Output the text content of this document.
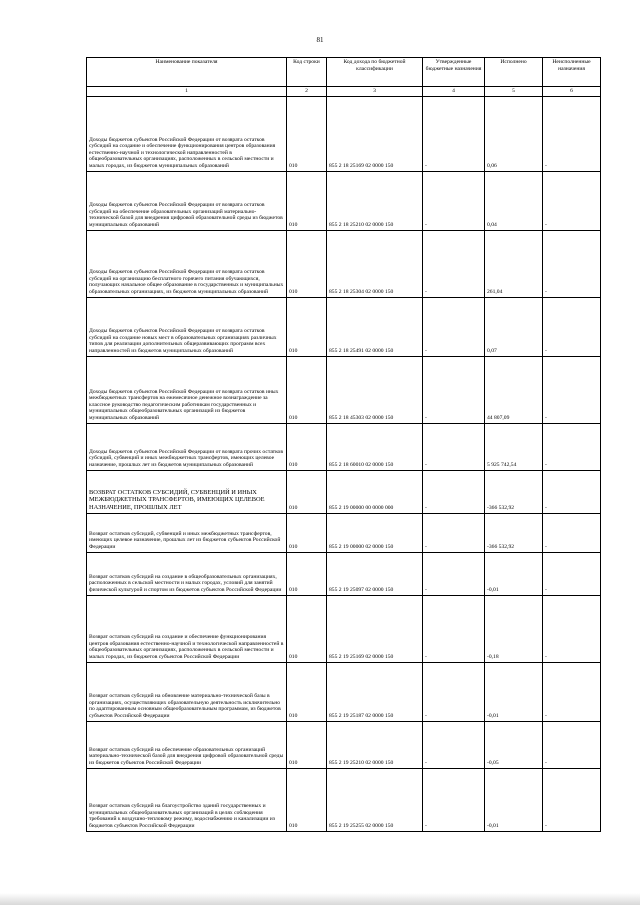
81
Наименование показателя	Код строки	Код дохода по бюджетной классификации	Утвержденные бюджетные назначения	Исполнено	Неисполненные назначения
1	2	3	4	5	6
Доходы бюджетов субъектов Российской Федерации от возврата остатков субсидий на создание и обеспечение функционирования центров образования естественно-научной и технологической направленностей в общеобразовательных организациях, расположенных в сельской местности и малых городах, из бюджетов муниципальных образований	010	855 2 18 25169 02 0000 150	-	0,06	-
Доходы бюджетов субъектов Российской Федерации от возврата остатков субсидий на обеспечение образовательных организаций материально-технической базой для внедрения цифровой образовательной среды из бюджетов муниципальных образований	010	855 2 18 25210 02 0000 150	-	0,04	-
Доходы бюджетов субъектов Российской Федерации от возврата остатков субсидий на организацию бесплатного горячего питания обучающихся, получающих начальное общее образование в государственных и муниципальных образовательных организациях, из бюджетов муниципальных образований	010	855 2 18 25304 02 0000 150	-	261,04	-
Доходы бюджетов субъектов Российской Федерации от возврата остатков субсидий на создание новых мест в образовательных организациях различных типов для реализации дополнительных общеразвивающих программ всех направленностей из бюджетов муниципальных образований	010	855 2 18 25491 02 0000 150	-	0,07	-
Доходы бюджетов субъектов Российской Федерации от возврата остатков иных межбюджетных трансфертов на ежемесячное денежное вознаграждение за классное руководство педагогическим работникам государственных и муниципальных общеобразовательных организаций из бюджетов муниципальных образований	010	855 2 18 45303 02 0000 150	-	44 807,09	-
Доходы бюджетов субъектов Российской Федерации от возврата прочих остатков субсидий, субвенций и иных межбюджетных трансфертов, имеющих целевое назначение, прошлых лет из бюджетов муниципальных образований	010	855 2 18 60010 02 0000 150	-	5 925 742,54	-
ВОЗВРАТ ОСТАТКОВ СУБСИДИЙ, СУБВЕНЦИЙ И ИНЫХ МЕЖБЮДЖЕТНЫХ ТРАНСФЕРТОВ, ИМЕЮЩИХ ЦЕЛЕВОЕ НАЗНАЧЕНИЕ, ПРОШЛЫХ ЛЕТ	010	855 2 19 00000 00 0000 000	-	-366 532,92	-
Возврат остатков субсидий, субвенций и иных межбюджетных трансфертов, имеющих целевое назначение, прошлых лет из бюджетов субъектов Российской Федерации	010	855 2 19 00000 02 0000 150	-	-366 532,92	-
Возврат остатков субсидий на создание в общеобразовательных организациях, расположенных в сельской местности и малых городах, условий для занятий физической культурой и спортом из бюджетов субъектов Российской Федерации	010	855 2 19 25097 02 0000 150	-	-0,01	-
Возврат остатков субсидий на создание и обеспечение функционирования центров образования естественно-научной и технологической направленностей в общеобразовательных организациях, расположенных в сельской местности и малых городах, из бюджетов субъектов Российской Федерации	010	855 2 19 25169 02 0000 150	-	-0,18	-
Возврат остатков субсидий на обновление материально-технической базы в организациях, осуществляющих образовательную деятельность исключительно по адаптированным основным общеобразовательным программам, из бюджетов субъектов Российской Федерации	010	855 2 19 25187 02 0000 150	-	-0,01	-
Возврат остатков субсидий на обеспечение образовательных организаций материально-технической базой для внедрения цифровой образовательной среды из бюджетов субъектов Российской Федерации	010	855 2 19 25210 02 0000 150	-	-0,05	-
Возврат остатков субсидий на благоустройство зданий государственных и муниципальных общеобразовательных организаций в целях соблюдения требований к воздушно-тепловому режиму, водоснабжению и канализации из бюджетов субъектов Российской Федерации	010	855 2 19 25255 02 0000 150	-	-0,01	-
